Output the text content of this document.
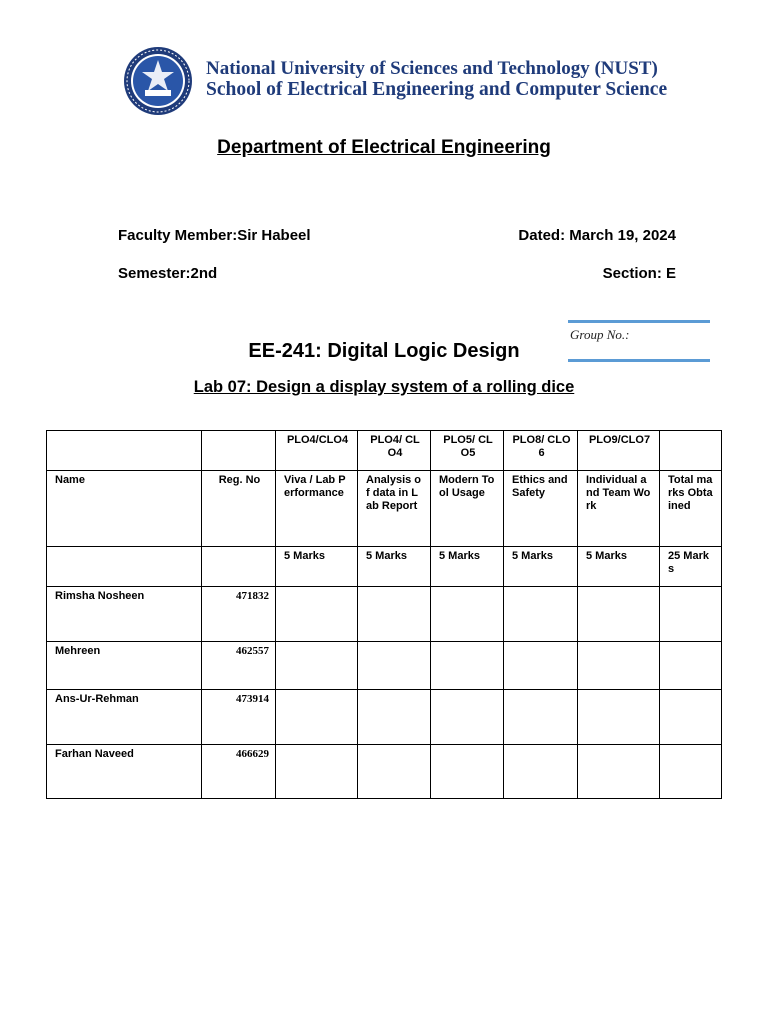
National University of Sciences and Technology (NUST)
School of Electrical Engineering and Computer Science
Department of Electrical Engineering
Faculty Member:Sir Habeel	Dated: March 19, 2024
Semester:2nd	Section: E
Group No.:
EE-241: Digital Logic Design
Lab 07: Design a display system of a rolling dice
		PLO4/CLO4	PLO4/ CLO4	PLO5/ CLO5	PLO8/ CLO6	PLO9/CLO7	
Name	Reg. No	Viva / Lab Performance	Analysis of data in Lab Report	Modern Tool Usage	Ethics and Safety	Individual and Team Work	Total marks Obtained
		5 Marks	5 Marks	5 Marks	5 Marks	5 Marks	25 Marks
Rimsha Nosheen	471832						
Mehreen	462557						
Ans-Ur-Rehman	473914						
Farhan Naveed	466629						
